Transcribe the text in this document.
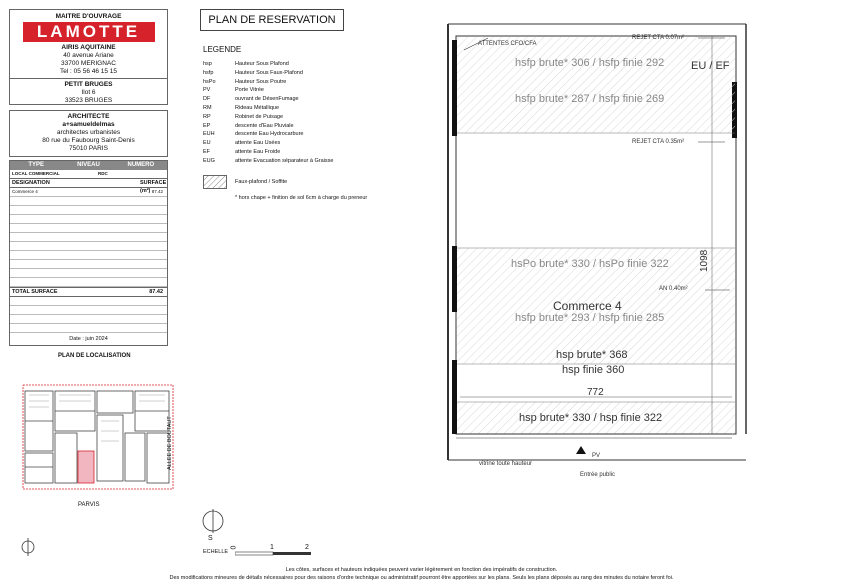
MAITRE D'OUVRAGE
LAMOTTE
AIRIS AQUITAINE
40 avenue Ariane
33700 MERIGNAC
Tel : 05 56 46 15 15
PETIT BRUGES
Ilot 6
33523 BRUGES
ARCHITECTE
a+samueldelmas
architectes urbanistes
80 rue du Faubourg Saint-Denis
75010 PARIS
TYPE	NIVEAU	NUMERO
LOCAL COMMERCIAL	RDC
DESIGNATION	SURFACE (m²)
Commerce 4	87.42
TOTAL SURFACE	87.42
Date : juin 2024
PLAN DE RESERVATION
LEGENDE
hsp	Hauteur Sous Plafond
hsfp	Hauteur Sous Faux-Plafond
hsPo	Hauteur Sous Poutre
PV	Porte Vitrée
DF	ouvrant de DésenFumage
RM	Rideau Métallique
RP	Robinet de Puisage
EP	descente d'Eau Pluviale
EUH	descente Eau Hydrocarbure
EU	attente Eau Usées
EF	attente Eau Froide
EUG	attente Evacuation séparateur à Graisse
Faux-plafond / Soffite
* hors chape + finition de sol 6cm à charge du preneur
PLAN DE LOCALISATION
ALLEE DE BOUTAUT
PARVIS
S
ECHELLE
0	1	2
ATTENTES CFO/CFA
REJET CTA 0.07m²
REJET CTA 0.35m²
AN 0.40m²
EU / EF
hsfp brute* 306 / hsfp finie 292
hsfp brute* 287 / hsfp finie 269
hsPo brute* 330 / hsPo finie 322
Commerce 4
hsfp brute* 293 / hsfp finie 285
hsp brute* 368
hsp finie 360
772
1098
hsp brute* 330 / hsp finie 322
vitrine toute hauteur
PV
Entrée public
Les côtes, surfaces et hauteurs indiquées peuvent varier légèrement en fonction des impératifs de construction.
Des modifications mineures de détails nécessaires pour des raisons d'ordre technique ou administratif pourront être apportées sur les plans. Seuls les plans déposés au rang des minutes du notaire feront foi.
